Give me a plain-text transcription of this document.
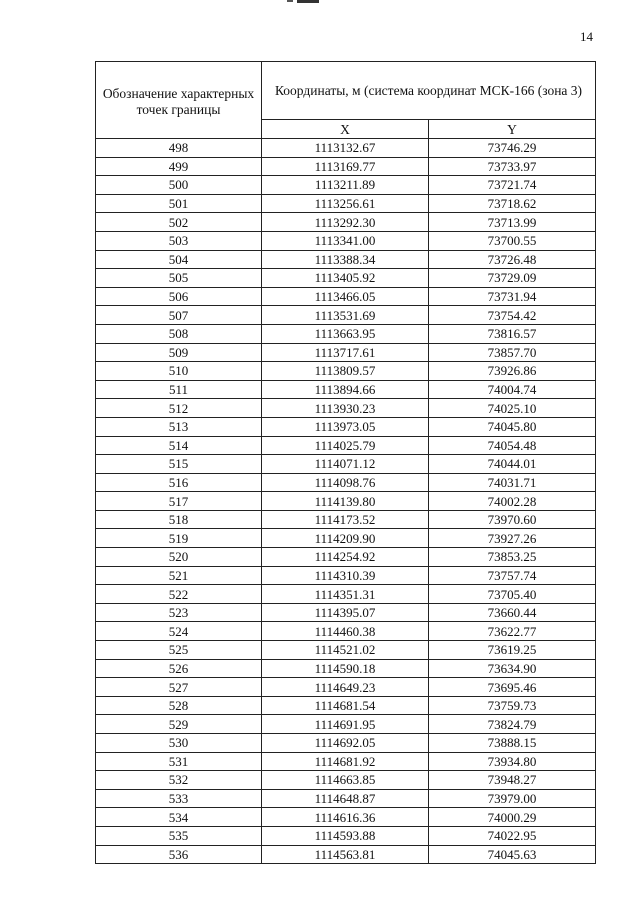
14
Обозначение характерных точек границы	Координаты, м (система координат МСК-166 (зона 3)	
	X	Y
498	1113132.67	73746.29
499	1113169.77	73733.97
500	1113211.89	73721.74
501	1113256.61	73718.62
502	1113292.30	73713.99
503	1113341.00	73700.55
504	1113388.34	73726.48
505	1113405.92	73729.09
506	1113466.05	73731.94
507	1113531.69	73754.42
508	1113663.95	73816.57
509	1113717.61	73857.70
510	1113809.57	73926.86
511	1113894.66	74004.74
512	1113930.23	74025.10
513	1113973.05	74045.80
514	1114025.79	74054.48
515	1114071.12	74044.01
516	1114098.76	74031.71
517	1114139.80	74002.28
518	1114173.52	73970.60
519	1114209.90	73927.26
520	1114254.92	73853.25
521	1114310.39	73757.74
522	1114351.31	73705.40
523	1114395.07	73660.44
524	1114460.38	73622.77
525	1114521.02	73619.25
526	1114590.18	73634.90
527	1114649.23	73695.46
528	1114681.54	73759.73
529	1114691.95	73824.79
530	1114692.05	73888.15
531	1114681.92	73934.80
532	1114663.85	73948.27
533	1114648.87	73979.00
534	1114616.36	74000.29
535	1114593.88	74022.95
536	1114563.81	74045.63
